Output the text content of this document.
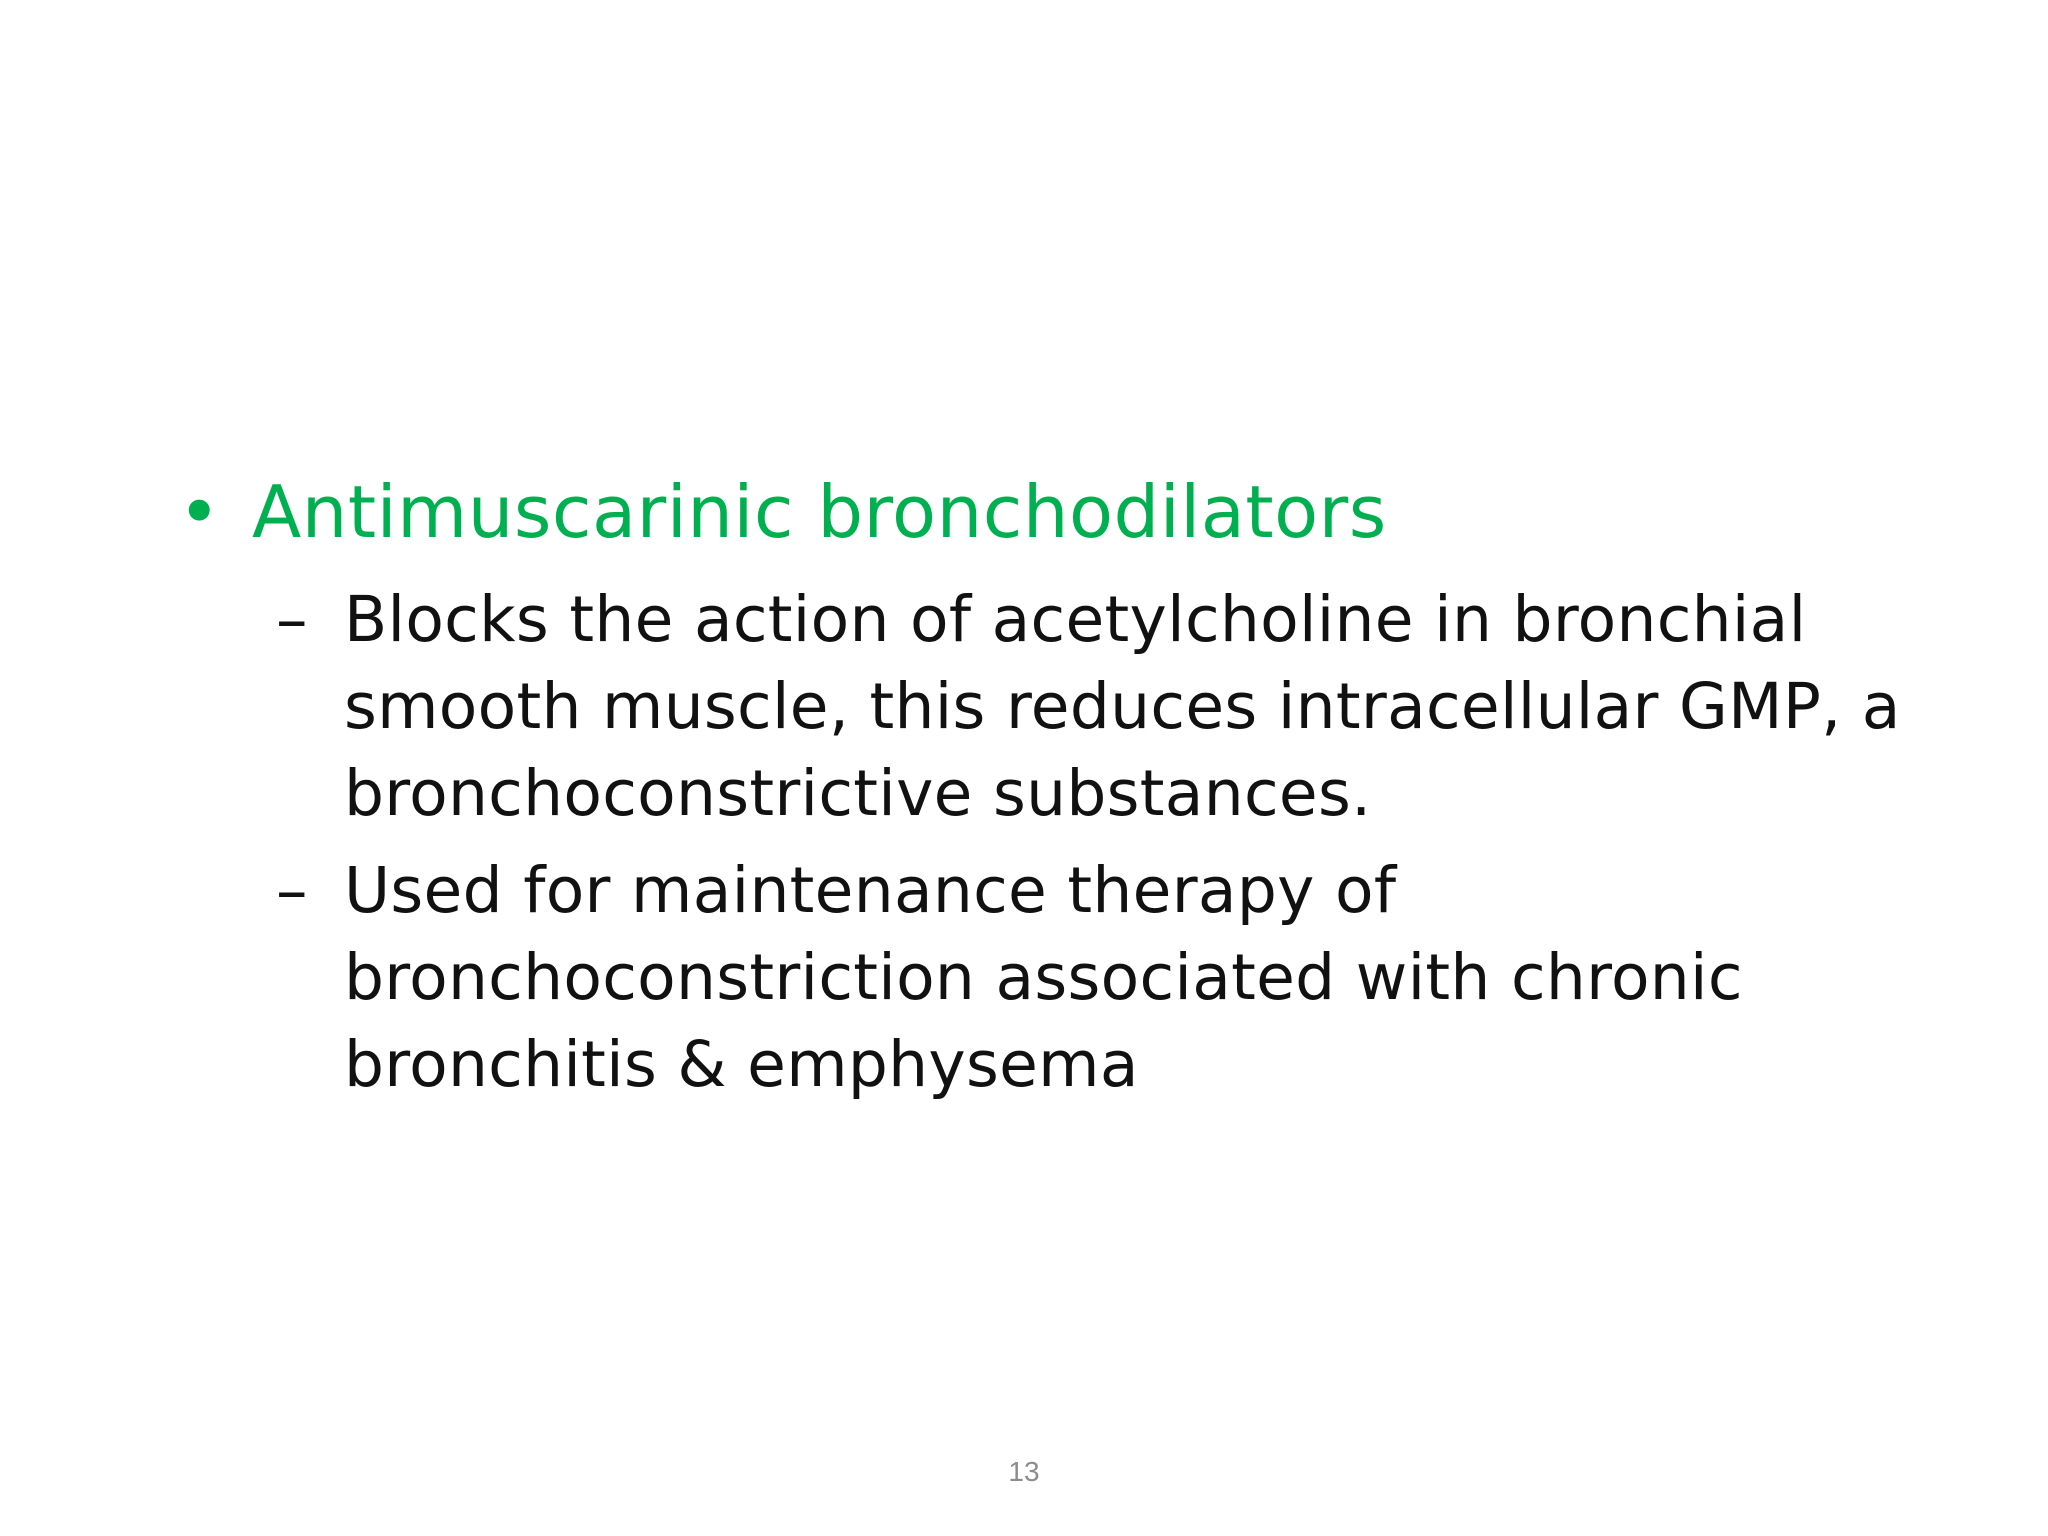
• Antimuscarinic bronchodilators
– Blocks the action of acetylcholine in bronchial smooth muscle, this reduces intracellular GMP, a bronchoconstrictive substances.
– Used for maintenance therapy of bronchoconstriction associated with chronic bronchitis & emphysema
13
